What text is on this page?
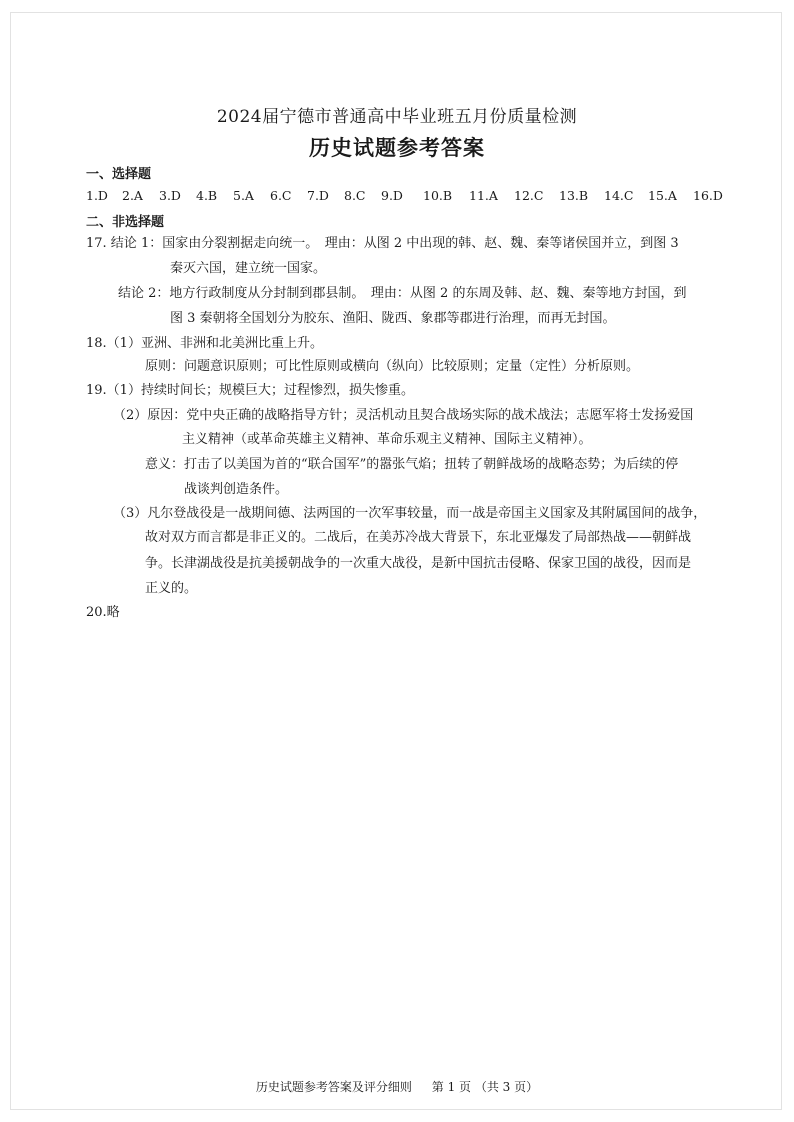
2024届宁德市普通高中毕业班五月份质量检测
历史试题参考答案
一、选择题
1.D	2.A	3.D	4.B	5.A	6.C	7.D	8.C	9.D	10.B	11.A	12.C	13.B	14.C	15.A	16.D
二、非选择题
17. 结论 1：国家由分裂割据走向统一。　理由：从图 2 中出现的韩、赵、魏、秦等诸侯国并立，到图 3
秦灭六国，建立统一国家。
结论 2：地方行政制度从分封制到郡县制。　理由：从图 2 的东周及韩、赵、魏、秦等地方封国，到
图 3 秦朝将全国划分为胶东、渔阳、陇西、象郡等郡进行治理，而再无封国。
18.（1）亚洲、非洲和北美洲比重上升。
原则：问题意识原则；可比性原则或横向（纵向）比较原则；定量（定性）分析原则。
19.（1）持续时间长；规模巨大；过程惨烈，损失惨重。
（2）原因：党中央正确的战略指导方针；灵活机动且契合战场实际的战术战法；志愿军将士发扬爱国
主义精神（或革命英雄主义精神、革命乐观主义精神、国际主义精神）。
意义：打击了以美国为首的“联合国军”的嚣张气焰；扭转了朝鲜战场的战略态势；为后续的停
战谈判创造条件。
（3）凡尔登战役是一战期间德、法两国的一次军事较量，而一战是帝国主义国家及其附属国间的战争，
故对双方而言都是非正义的。二战后，在美苏冷战大背景下，东北亚爆发了局部热战——朝鲜战
争。长津湖战役是抗美援朝战争的一次重大战役，是新中国抗击侵略、保家卫国的战役，因而是
正义的。
20.略
历史试题参考答案及评分细则 第 1 页 （共 3 页）
